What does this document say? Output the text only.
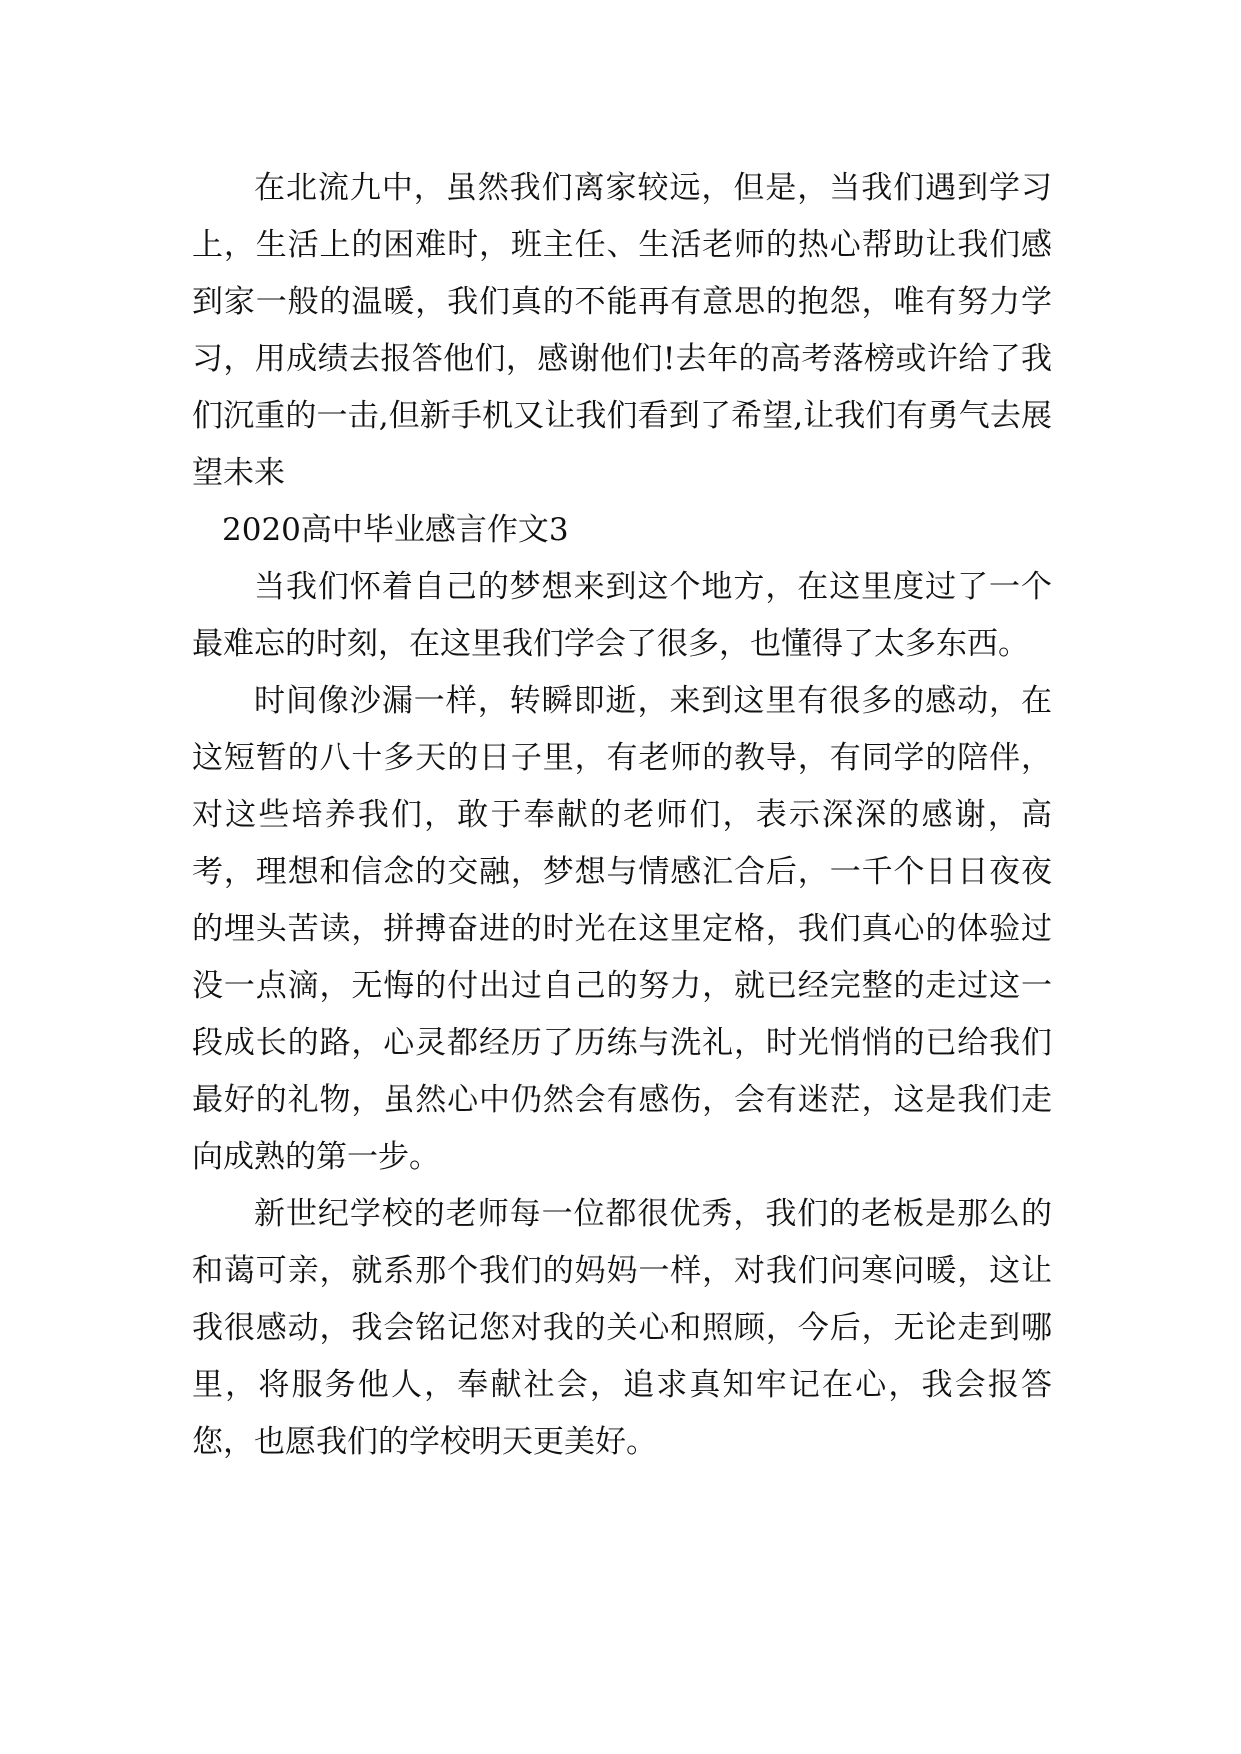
在北流九中，虽然我们离家较远，但是，当我们遇到学习上，生活上的困难时，班主任、生活老师的热心帮助让我们感到家一般的温暖，我们真的不能再有意思的抱怨，唯有努力学习，用成绩去报答他们，感谢他们!去年的高考落榜或许给了我们沉重的一击,但新手机又让我们看到了希望,让我们有勇气去展望未来

2020高中毕业感言作文3

当我们怀着自己的梦想来到这个地方，在这里度过了一个最难忘的时刻，在这里我们学会了很多，也懂得了太多东西。

时间像沙漏一样，转瞬即逝，来到这里有很多的感动，在这短暂的八十多天的日子里，有老师的教导，有同学的陪伴，对这些培养我们，敢于奉献的老师们，表示深深的感谢，高考，理想和信念的交融，梦想与情感汇合后，一千个日日夜夜的埋头苦读，拼搏奋进的时光在这里定格，我们真心的体验过没一点滴，无悔的付出过自己的努力，就已经完整的走过这一段成长的路，心灵都经历了历练与洗礼，时光悄悄的已给我们最好的礼物，虽然心中仍然会有感伤，会有迷茫，这是我们走向成熟的第一步。

新世纪学校的老师每一位都很优秀，我们的老板是那么的和蔼可亲，就系那个我们的妈妈一样，对我们问寒问暖，这让我很感动，我会铭记您对我的关心和照顾，今后，无论走到哪里，将服务他人，奉献社会，追求真知牢记在心，我会报答您，也愿我们的学校明天更美好。
